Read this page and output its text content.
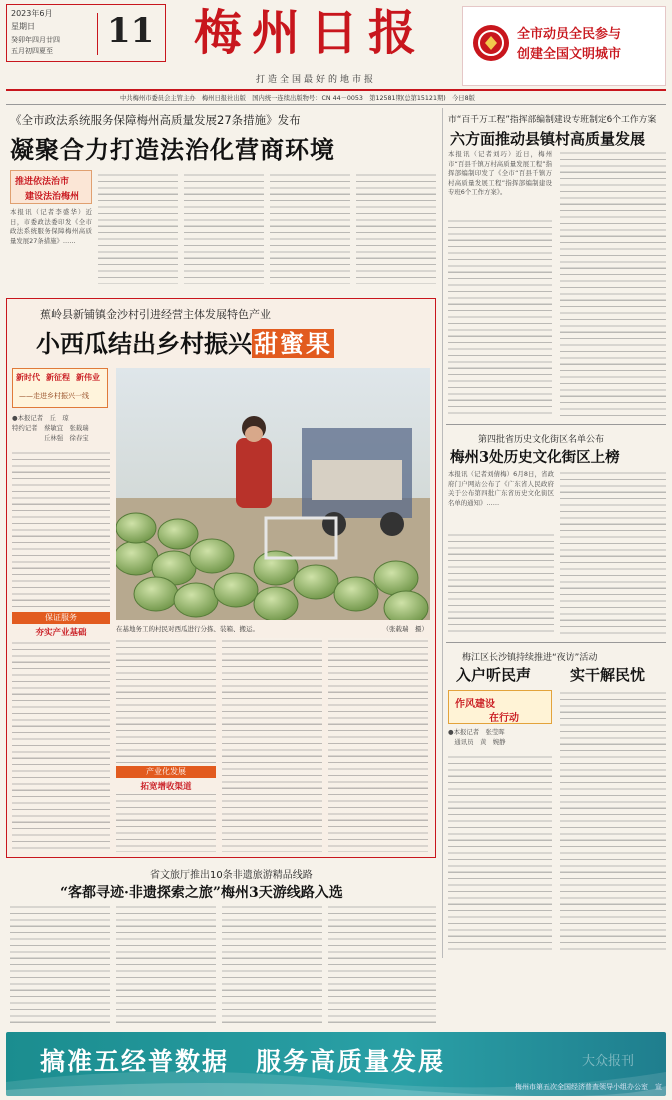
2023年6月
星期日
癸卯年四月廿四
五月初四夏至 11 梅州日报
打造全国最好的地市报
全市动员全民参与
创建全国文明城市
中共梅州市委员会主管主办　梅州日报社出版　国内统一连续出版物号：CN 44－0053　第12581期(总第15121期)　今日8版
《全市政法系统服务保障梅州高质量发展27条措施》发布
凝聚合力打造法治化营商环境
推进依法治市
建设法治梅州
本报讯（记者李盛华）近日，市委政法委印发《全市政法系统服务保障梅州高质量发展27条措施》……
市“百千万工程”指挥部编制建设专班制定6个工作方案
六方面推动县镇村高质量发展
本报讯（记者刘巧）近日，梅州市“百县千镇万村高质量发展工程”指挥部编制印发了《全市“百县千镇万村高质量发展工程”指挥部编制建设专班6个工作方案》。
第四批省历史文化街区名单公布
梅州3处历史文化街区上榜
本报讯（记者刘倩梅）6月8日，省政府门户网站公布了《广东省人民政府关于公布第四批广东省历史文化街区名单的通知》……
梅江区长沙镇持续推进“夜访”活动
入户听民声	实干解民忧
作风建设
在行动
●本报记者　张莹晖
　通讯员　黄　婉静
蕉岭县新铺镇金沙村引进经营主体发展特色产业
小西瓜结出乡村振兴甜蜜果
新时代 新征程 新伟业
——走进乡村振兴一线
●本报记者　丘　琼
特约记者　蔡敏宜　张载瑞
　　　　　丘林强　徐春宝
在基地务工的村民对西瓜进行分拣、装箱、搬运。	（张载瑞　摄）
保证服务
夯实产业基础
产业化发展
拓宽增收渠道
省文旅厅推出10条非遗旅游精品线路
“客都寻迹·非遗探索之旅”梅州3天游线路入选
搞准五经普数据　服务高质量发展
梅州市第五次全国经济普查领导小组办公室　宣
大众报刊
